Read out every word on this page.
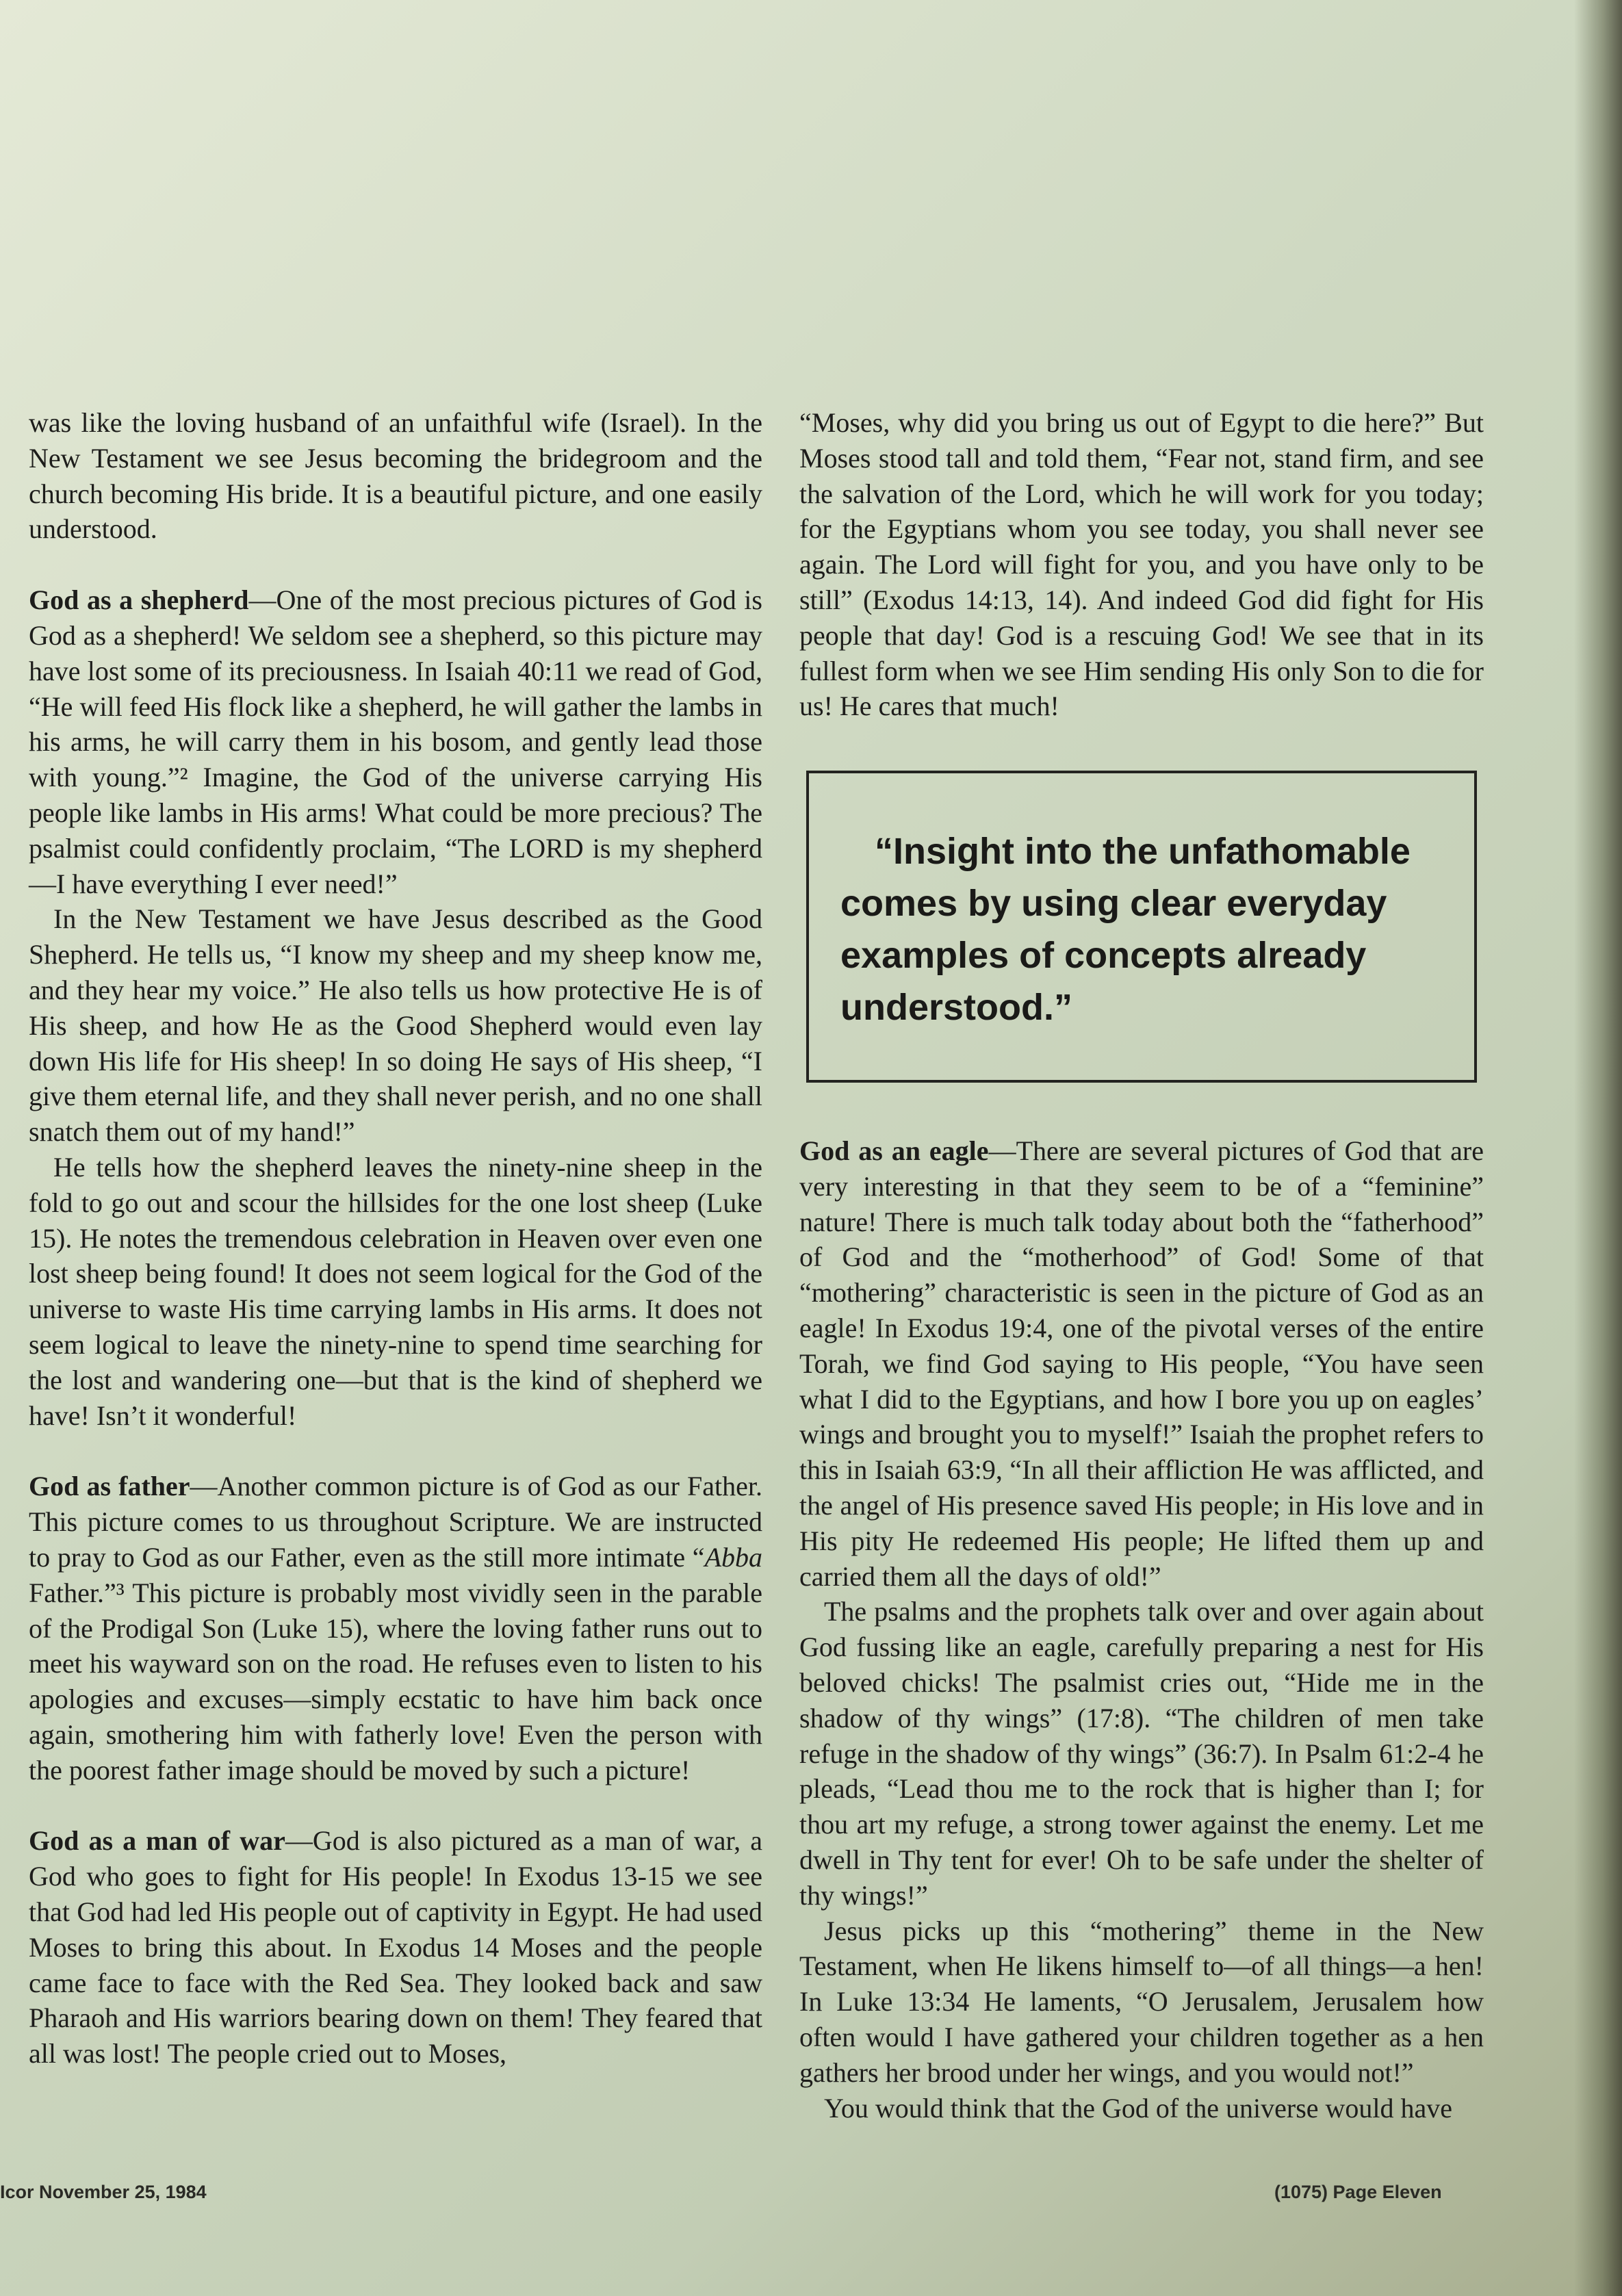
was like the loving husband of an unfaithful wife (Israel). In the New Testament we see Jesus becoming the bridegroom and the church becoming His bride. It is a beautiful picture, and one easily understood.

God as a shepherd—One of the most precious pictures of God is God as a shepherd! We seldom see a shepherd, so this picture may have lost some of its preciousness. In Isaiah 40:11 we read of God, “He will feed His flock like a shepherd, he will gather the lambs in his arms, he will carry them in his bosom, and gently lead those with young.”² Imagine, the God of the universe carrying His people like lambs in His arms! What could be more precious? The psalmist could confidently proclaim, “The LORD is my shepherd—I have everything I ever need!”

In the New Testament we have Jesus described as the Good Shepherd. He tells us, “I know my sheep and my sheep know me, and they hear my voice.” He also tells us how protective He is of His sheep, and how He as the Good Shepherd would even lay down His life for His sheep! In so doing He says of His sheep, “I give them eternal life, and they shall never perish, and no one shall snatch them out of my hand!”

He tells how the shepherd leaves the ninety-nine sheep in the fold to go out and scour the hillsides for the one lost sheep (Luke 15). He notes the tremendous celebration in Heaven over even one lost sheep being found! It does not seem logical for the God of the universe to waste His time carrying lambs in His arms. It does not seem logical to leave the ninety-nine to spend time searching for the lost and wandering one—but that is the kind of shepherd we have! Isn’t it wonderful!

God as father—Another common picture is of God as our Father. This picture comes to us throughout Scripture. We are instructed to pray to God as our Father, even as the still more intimate “Abba Father.”³ This picture is probably most vividly seen in the parable of the Prodigal Son (Luke 15), where the loving father runs out to meet his wayward son on the road. He refuses even to listen to his apologies and excuses—simply ecstatic to have him back once again, smothering him with fatherly love! Even the person with the poorest father image should be moved by such a picture!

God as a man of war—God is also pictured as a man of war, a God who goes to fight for His people! In Exodus 13-15 we see that God had led His people out of captivity in Egypt. He had used Moses to bring this about. In Exodus 14 Moses and the people came face to face with the Red Sea. They looked back and saw Pharaoh and His warriors bearing down on them! They feared that all was lost! The people cried out to Moses,

“Moses, why did you bring us out of Egypt to die here?” But Moses stood tall and told them, “Fear not, stand firm, and see the salvation of the Lord, which he will work for you today; for the Egyptians whom you see today, you shall never see again. The Lord will fight for you, and you have only to be still” (Exodus 14:13, 14). And indeed God did fight for His people that day! God is a rescuing God! We see that in its fullest form when we see Him sending His only Son to die for us! He cares that much!

“Insight into the unfathomable comes by using clear everyday examples of concepts already understood.”

God as an eagle—There are several pictures of God that are very interesting in that they seem to be of a “feminine” nature! There is much talk today about both the “fatherhood” of God and the “motherhood” of God! Some of that “mothering” characteristic is seen in the picture of God as an eagle! In Exodus 19:4, one of the pivotal verses of the entire Torah, we find God saying to His people, “You have seen what I did to the Egyptians, and how I bore you up on eagles’ wings and brought you to myself!” Isaiah the prophet refers to this in Isaiah 63:9, “In all their affliction He was afflicted, and the angel of His presence saved His people; in His love and in His pity He redeemed His people; He lifted them up and carried them all the days of old!”

The psalms and the prophets talk over and over again about God fussing like an eagle, carefully preparing a nest for His beloved chicks! The psalmist cries out, “Hide me in the shadow of thy wings” (17:8). “The children of men take refuge in the shadow of thy wings” (36:7). In Psalm 61:2-4 he pleads, “Lead thou me to the rock that is higher than I; for thou art my refuge, a strong tower against the enemy. Let me dwell in Thy tent for ever! Oh to be safe under the shelter of thy wings!”

Jesus picks up this “mothering” theme in the New Testament, when He likens himself to—of all things—a hen! In Luke 13:34 He laments, “O Jerusalem, Jerusalem how often would I have gathered your children together as a hen gathers her brood under her wings, and you would not!”

You would think that the God of the universe would have

Icor November 25, 1984	(1075) Page Eleven
